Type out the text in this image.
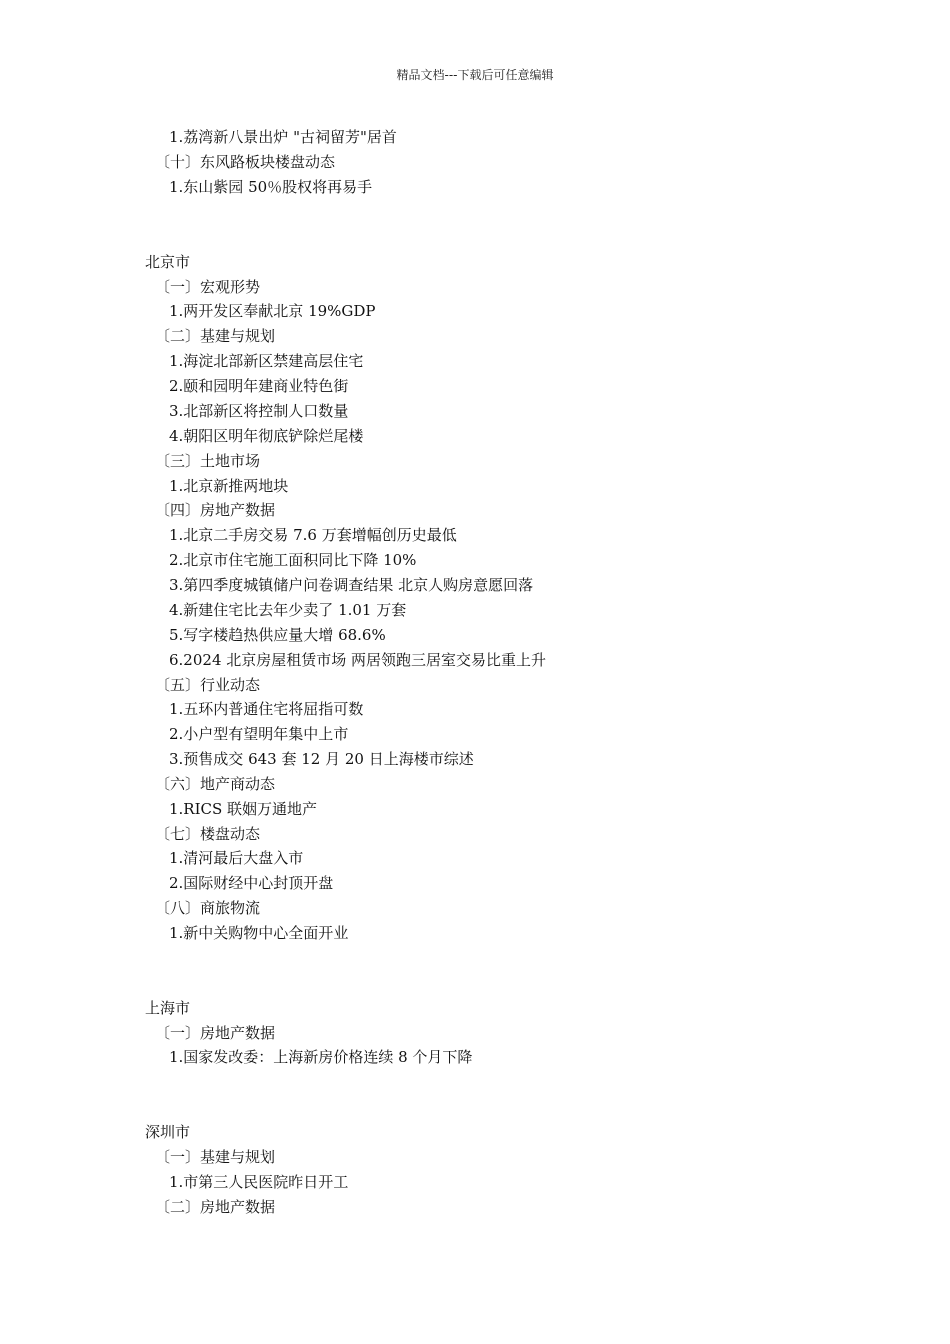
精品文档---下载后可任意编辑
1.荔湾新八景出炉 "古祠留芳"居首
〔十〕东风路板块楼盘动态
1.东山紫园 50％股权将再易手
北京市
〔一〕宏观形势
1.两开发区奉献北京 19%GDP
〔二〕基建与规划
1.海淀北部新区禁建高层住宅
2.颐和园明年建商业特色街
3.北部新区将控制人口数量
4.朝阳区明年彻底铲除烂尾楼
〔三〕土地市场
1.北京新推两地块
〔四〕房地产数据
1.北京二手房交易 7.6 万套增幅创历史最低
2.北京市住宅施工面积同比下降 10%
3.第四季度城镇储户问卷调查结果 北京人购房意愿回落
4.新建住宅比去年少卖了 1.01 万套
5.写字楼趋热供应量大增 68.6%
6.2024 北京房屋租赁市场 两居领跑三居室交易比重上升
〔五〕行业动态
1.五环内普通住宅将屈指可数
2.小户型有望明年集中上市
3.预售成交 643 套 12 月 20 日上海楼市综述
〔六〕地产商动态
1.RICS 联姻万通地产
〔七〕楼盘动态
1.清河最后大盘入市
2.国际财经中心封顶开盘
〔八〕商旅物流
1.新中关购物中心全面开业
上海市
〔一〕房地产数据
1.国家发改委：上海新房价格连续 8 个月下降
深圳市
〔一〕基建与规划
1.市第三人民医院昨日开工
〔二〕房地产数据
